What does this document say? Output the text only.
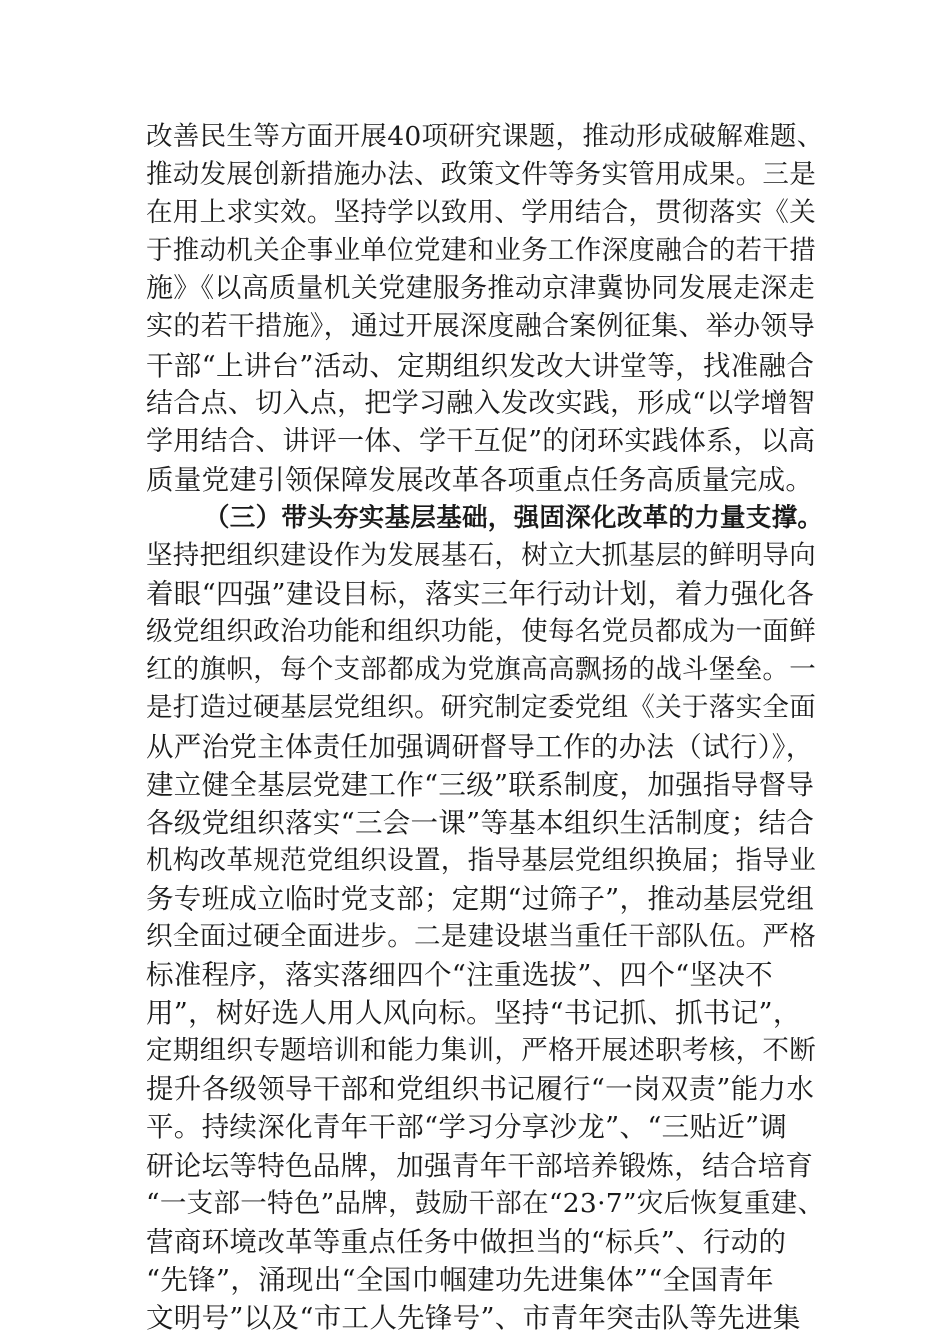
改善民生等方面开展40项研究课题，推动形成破解难题、
推动发展创新措施办法、政策文件等务实管用成果。三是
在用上求实效。坚持学以致用、学用结合，贯彻落实《关
于推动机关企事业单位党建和业务工作深度融合的若干措
施》《以高质量机关党建服务推动京津冀协同发展走深走
实的若干措施》，通过开展深度融合案例征集、举办领导
干部“上讲台”活动、定期组织发改大讲堂等，找准融合
结合点、切入点，把学习融入发改实践，形成“以学增智
学用结合、讲评一体、学干互促”的闭环实践体系，以高
质量党建引领保障发展改革各项重点任务高质量完成。
（三）带头夯实基层基础，强固深化改革的力量支撑。
坚持把组织建设作为发展基石，树立大抓基层的鲜明导向
着眼“四强”建设目标，落实三年行动计划，着力强化各
级党组织政治功能和组织功能，使每名党员都成为一面鲜
红的旗帜，每个支部都成为党旗高高飘扬的战斗堡垒。一
是打造过硬基层党组织。研究制定委党组《关于落实全面
从严治党主体责任加强调研督导工作的办法（试行）》，
建立健全基层党建工作“三级”联系制度，加强指导督导
各级党组织落实“三会一课”等基本组织生活制度；结合
机构改革规范党组织设置，指导基层党组织换届；指导业
务专班成立临时党支部；定期“过筛子”，推动基层党组
织全面过硬全面进步。二是建设堪当重任干部队伍。严格
标准程序，落实落细四个“注重选拔”、四个“坚决不
用”，树好选人用人风向标。坚持“书记抓、抓书记”，
定期组织专题培训和能力集训，严格开展述职考核，不断
提升各级领导干部和党组织书记履行“一岗双责”能力水
平。持续深化青年干部“学习分享沙龙”、“三贴近”调
研论坛等特色品牌，加强青年干部培养锻炼，结合培育
“一支部一特色”品牌，鼓励干部在“23·7”灾后恢复重建、
营商环境改革等重点任务中做担当的“标兵”、行动的
“先锋”，涌现出“全国巾帼建功先进集体”“全国青年
文明号”以及“市工人先锋号”、市青年突击队等先进集
